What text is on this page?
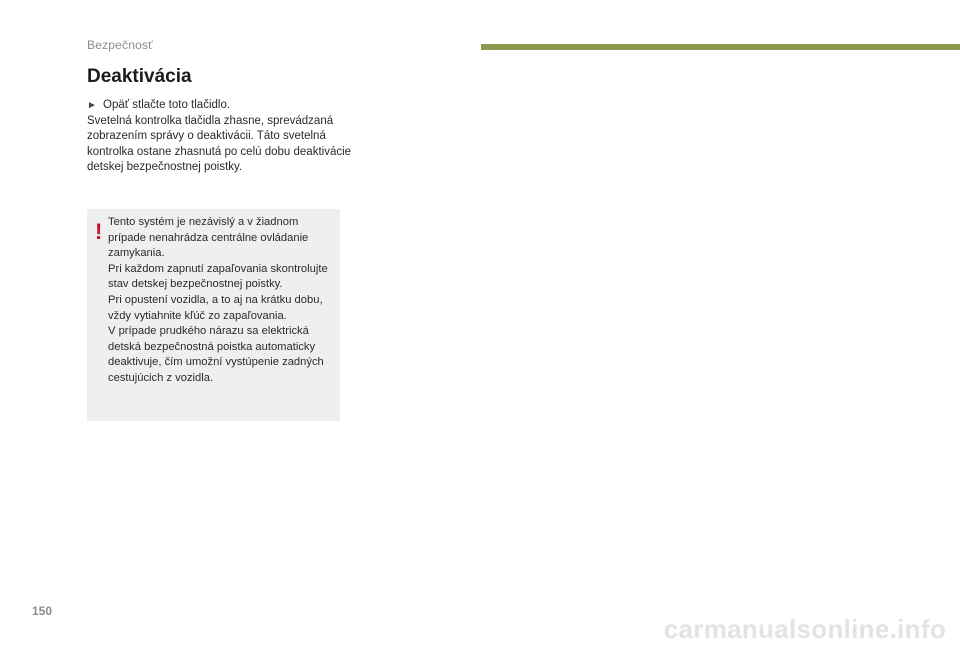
Bezpečnosť
Deaktivácia
► Opäť stlačte toto tlačidlo.

Svetelná kontrolka tlačidla zhasne, sprevádzaná zobrazením správy o deaktivácii. Táto svetelná kontrolka ostane zhasnutá po celú dobu deaktivácie detskej bezpečnostnej poistky.

! Tento systém je nezávislý a v žiadnom prípade nenahrádza centrálne ovládanie zamykania.
Pri každom zapnutí zapaľovania skontrolujte stav detskej bezpečnostnej poistky.
Pri opustení vozidla, a to aj na krátku dobu, vždy vytiahnite kľúč zo zapaľovania.
V prípade prudkého nárazu sa elektrická detská bezpečnostná poistka automaticky deaktivuje, čím umožní vystúpenie zadných cestujúcich z vozidla.

150
carmanualsonline.info
